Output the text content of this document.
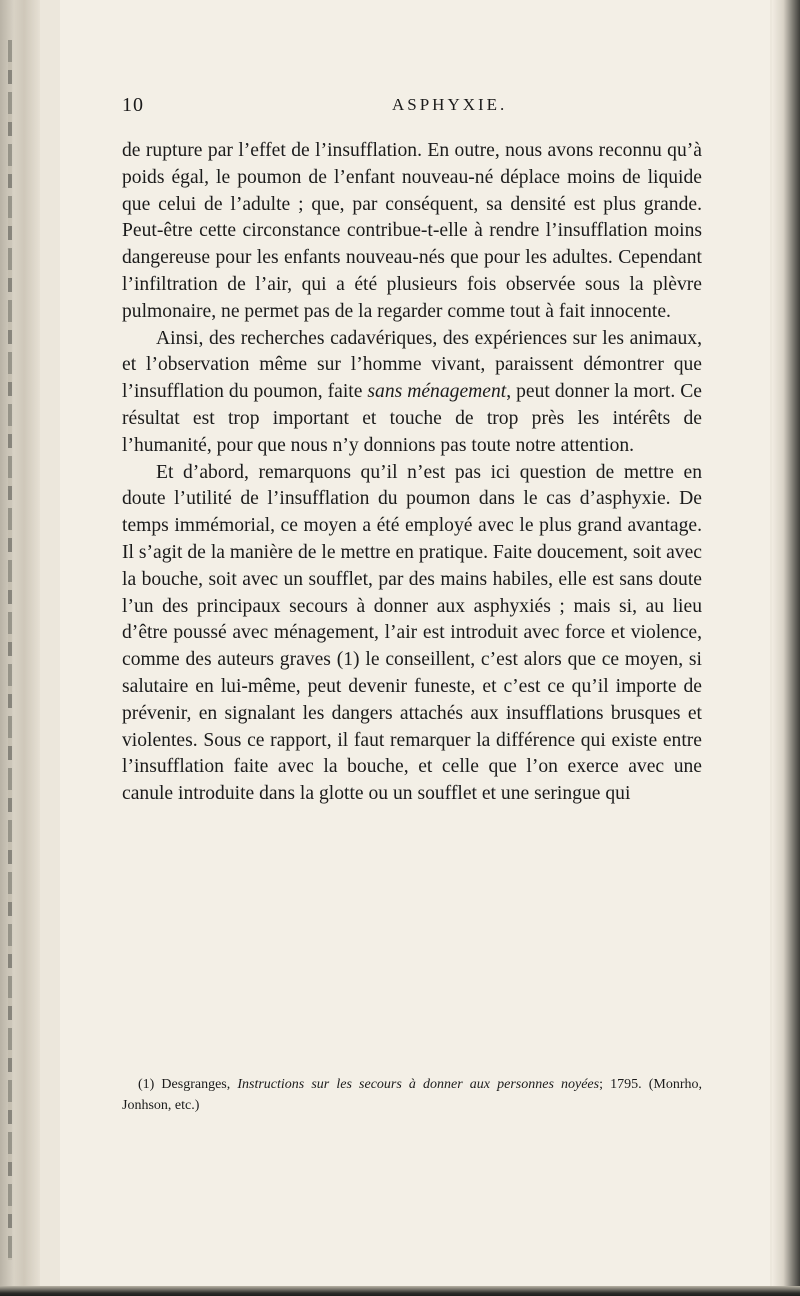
10	ASPHYXIE.

de rupture par l’effet de l’insufflation. En outre, nous avons reconnu qu’à poids égal, le poumon de l’enfant nouveau-né déplace moins de liquide que celui de l’adulte ; que, par conséquent, sa densité est plus grande. Peut-être cette circonstance contribue-t-elle à rendre l’insufflation moins dangereuse pour les enfants nouveau-nés que pour les adultes. Cependant l’infiltration de l’air, qui a été plusieurs fois observée sous la plèvre pulmonaire, ne permet pas de la regarder comme tout à fait innocente.

Ainsi, des recherches cadavériques, des expériences sur les animaux, et l’observation même sur l’homme vivant, paraissent démontrer que l’insufflation du poumon, faite sans ménagement, peut donner la mort. Ce résultat est trop important et touche de trop près les intérêts de l’humanité, pour que nous n’y donnions pas toute notre attention.

Et d’abord, remarquons qu’il n’est pas ici question de mettre en doute l’utilité de l’insufflation du poumon dans le cas d’asphyxie. De temps immémorial, ce moyen a été employé avec le plus grand avantage. Il s’agit de la manière de le mettre en pratique. Faite doucement, soit avec la bouche, soit avec un soufflet, par des mains habiles, elle est sans doute l’un des principaux secours à donner aux asphyxiés ; mais si, au lieu d’être poussé avec ménagement, l’air est introduit avec force et violence, comme des auteurs graves (1) le conseillent, c’est alors que ce moyen, si salutaire en lui-même, peut devenir funeste, et c’est ce qu’il importe de prévenir, en signalant les dangers attachés aux insufflations brusques et violentes. Sous ce rapport, il faut remarquer la différence qui existe entre l’insufflation faite avec la bouche, et celle que l’on exerce avec une canule introduite dans la glotte ou un soufflet et une seringue qui

(1) Desgranges, Instructions sur les secours à donner aux personnes noyées; 1795. (Monrho, Jonhson, etc.)
